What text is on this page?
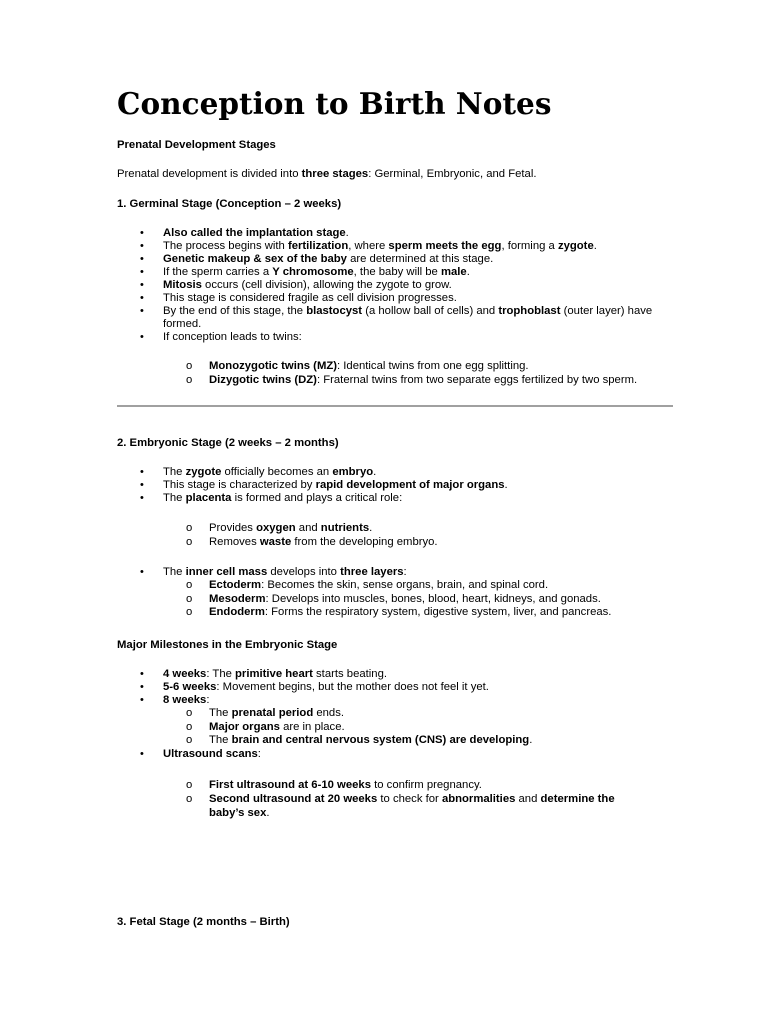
Conception to Birth Notes
Prenatal Development Stages
Prenatal development is divided into three stages: Germinal, Embryonic, and Fetal.
1. Germinal Stage (Conception – 2 weeks)
• Also called the implantation stage.
• The process begins with fertilization, where sperm meets the egg, forming a zygote.
• Genetic makeup & sex of the baby are determined at this stage.
• If the sperm carries a Y chromosome, the baby will be male.
• Mitosis occurs (cell division), allowing the zygote to grow.
• This stage is considered fragile as cell division progresses.
• By the end of this stage, the blastocyst (a hollow ball of cells) and trophoblast (outer layer) have formed.
• If conception leads to twins:
o Monozygotic twins (MZ): Identical twins from one egg splitting.
o Dizygotic twins (DZ): Fraternal twins from two separate eggs fertilized by two sperm.
2. Embryonic Stage (2 weeks – 2 months)
• The zygote officially becomes an embryo.
• This stage is characterized by rapid development of major organs.
• The placenta is formed and plays a critical role:
o Provides oxygen and nutrients.
o Removes waste from the developing embryo.
• The inner cell mass develops into three layers:
o Ectoderm: Becomes the skin, sense organs, brain, and spinal cord.
o Mesoderm: Develops into muscles, bones, blood, heart, kidneys, and gonads.
o Endoderm: Forms the respiratory system, digestive system, liver, and pancreas.
Major Milestones in the Embryonic Stage
• 4 weeks: The primitive heart starts beating.
• 5-6 weeks: Movement begins, but the mother does not feel it yet.
• 8 weeks:
o The prenatal period ends.
o Major organs are in place.
o The brain and central nervous system (CNS) are developing.
• Ultrasound scans:
o First ultrasound at 6-10 weeks to confirm pregnancy.
o Second ultrasound at 20 weeks to check for abnormalities and determine the baby’s sex.
3. Fetal Stage (2 months – Birth)
